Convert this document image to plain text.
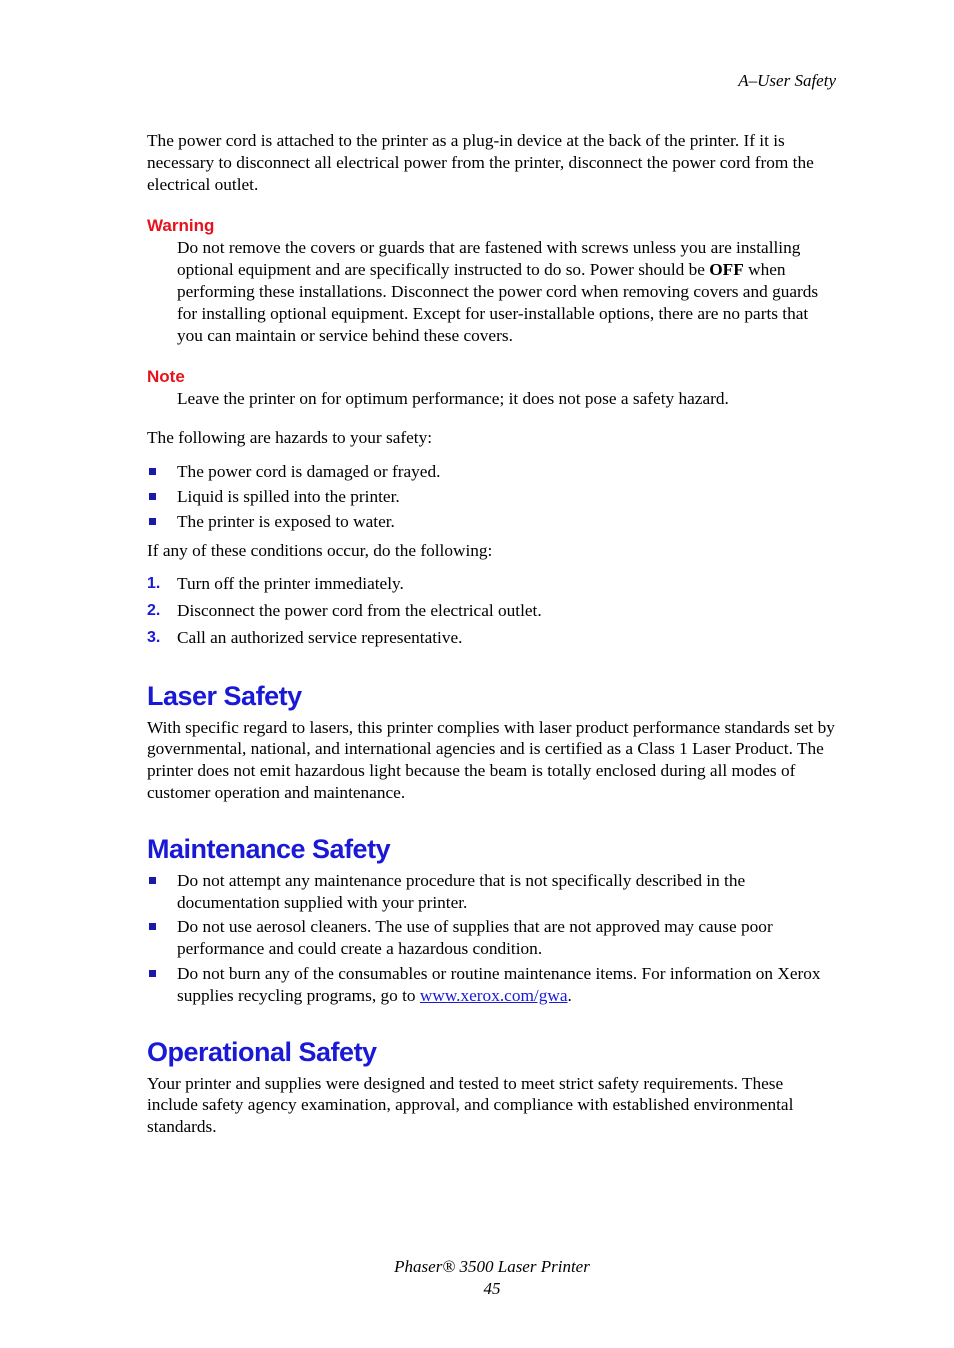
A–User Safety

The power cord is attached to the printer as a plug-in device at the back of the printer. If it is necessary to disconnect all electrical power from the printer, disconnect the power cord from the electrical outlet.

Warning

Do not remove the covers or guards that are fastened with screws unless you are installing optional equipment and are specifically instructed to do so. Power should be OFF when performing these installations. Disconnect the power cord when removing covers and guards for installing optional equipment. Except for user-installable options, there are no parts that you can maintain or service behind these covers.

Note

Leave the printer on for optimum performance; it does not pose a safety hazard.

The following are hazards to your safety:

The power cord is damaged or frayed.
Liquid is spilled into the printer.
The printer is exposed to water.

If any of these conditions occur, do the following:

1. Turn off the printer immediately.
2. Disconnect the power cord from the electrical outlet.
3. Call an authorized service representative.
Laser Safety

With specific regard to lasers, this printer complies with laser product performance standards set by governmental, national, and international agencies and is certified as a Class 1 Laser Product. The printer does not emit hazardous light because the beam is totally enclosed during all modes of customer operation and maintenance.

Maintenance Safety
Do not attempt any maintenance procedure that is not specifically described in the documentation supplied with your printer.
Do not use aerosol cleaners. The use of supplies that are not approved may cause poor performance and could create a hazardous condition.
Do not burn any of the consumables or routine maintenance items. For information on Xerox supplies recycling programs, go to www.xerox.com/gwa.
Operational Safety

Your printer and supplies were designed and tested to meet strict safety requirements. These include safety agency examination, approval, and compliance with established environmental standards.

Phaser® 3500 Laser Printer
45
